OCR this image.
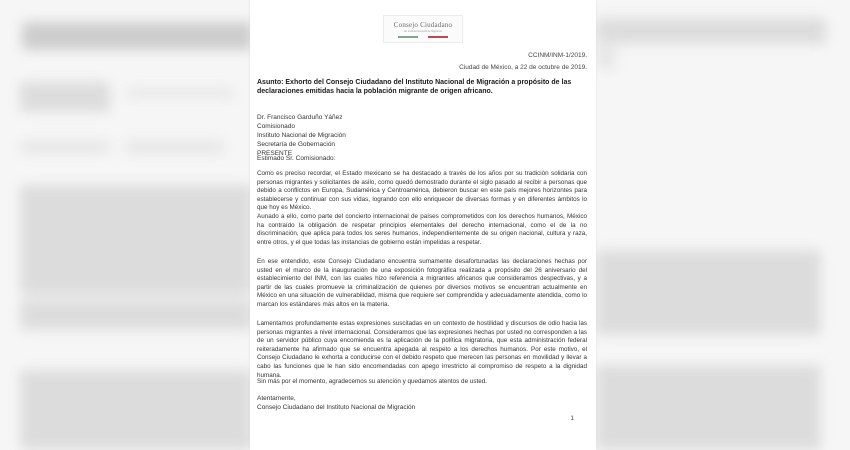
Consejo Ciudadano
del Instituto Nacional de Migración
CCINM/INM-1/2019.
Ciudad de México, a 22 de octubre de 2019.
Asunto: Exhorto del Consejo Ciudadano del Instituto Nacional de Migración a propósito de las declaraciones emitidas hacia la población migrante de origen africano.
Dr. Francisco Garduño Yáñez
Comisionado
Instituto Nacional de Migración
Secretaría de Gobernación
PRESENTE
Estimado Sr. Comisionado:
Como es preciso recordar, el Estado mexicano se ha destacado a través de los años por su tradición solidaria con personas migrantes y solicitantes de asilo, como quedó demostrado durante el siglo pasado al recibir a personas que debido a conflictos en Europa, Sudamérica y Centroamérica, debieron buscar en este país mejores horizontes para establecerse y continuar con sus vidas, logrando con ello enriquecer de diversas formas y en diferentes ámbitos lo que hoy es México.
Aunado a ello, como parte del concierto internacional de países comprometidos con los derechos humanos, México ha contraído la obligación de respetar principios elementales del derecho internacional, como el de la no discriminación, que aplica para todos los seres humanos, independientemente de su origen nacional, cultura y raza, entre otros, y el que todas las instancias de gobierno están impelidas a respetar.
En ese entendido, este Consejo Ciudadano encuentra sumamente desafortunadas las declaraciones hechas por usted en el marco de la inauguración de una exposición fotográfica realizada a propósito del 26 aniversario del establecimiento del INM, con las cuales hizo referencia a migrantes africanos que consideramos despectivas, y a partir de las cuales promueve la criminalización de quienes por diversos motivos se encuentran actualmente en México en una situación de vulnerabilidad, misma que requiere ser comprendida y adecuadamente atendida, como lo marcan los estándares más altos en la materia.
Lamentamos profundamente estas expresiones suscitadas en un contexto de hostilidad y discursos de odio hacia las personas migrantes a nivel internacional. Consideramos que las expresiones hechas por usted no corresponden a las de un servidor público cuya encomienda es la aplicación de la política migratoria, que esta administración federal reiteradamente ha afirmado que se encuentra apegada al respeto a los derechos humanos. Por este motivo, el Consejo Ciudadano le exhorta a conducirse con el debido respeto que merecen las personas en movilidad y llevar a cabo las funciones que le han sido encomendadas con apego irrestricto al compromiso de respeto a la dignidad humana.
Sin más por el momento, agradecemos su atención y quedamos atentos de usted.
Atentamente,
Consejo Ciudadano del Instituto Nacional de Migración
1
